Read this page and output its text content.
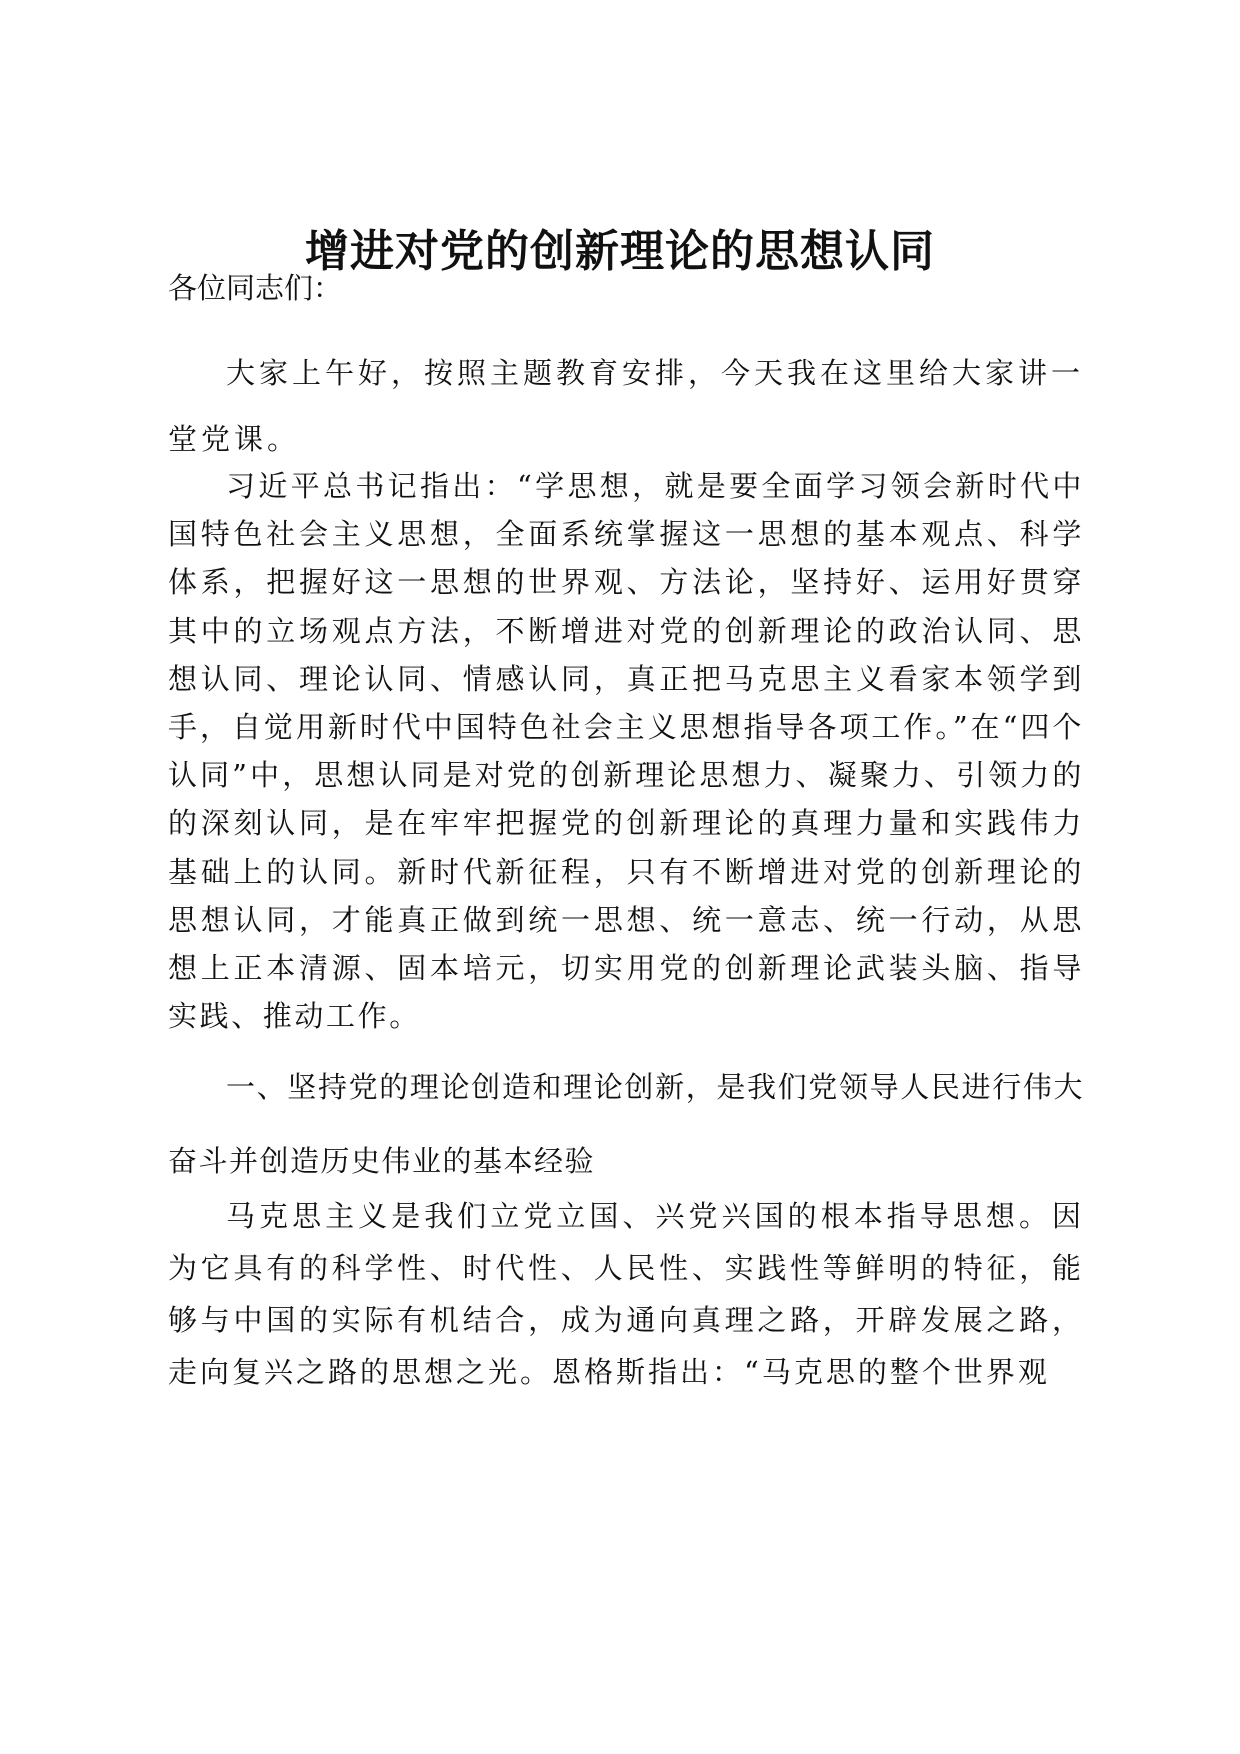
增进对党的创新理论的思想认同

各位同志们：

大家上午好，按照主题教育安排，今天我在这里给大家讲一堂党课。

习近平总书记指出：“学思想，就是要全面学习领会新时代中国特色社会主义思想，全面系统掌握这一思想的基本观点、科学体系，把握好这一思想的世界观、方法论，坚持好、运用好贯穿其中的立场观点方法，不断增进对党的创新理论的政治认同、思想认同、理论认同、情感认同，真正把马克思主义看家本领学到手，自觉用新时代中国特色社会主义思想指导各项工作。”在“四个认同”中，思想认同是对党的创新理论思想力、凝聚力、引领力的的深刻认同，是在牢牢把握党的创新理论的真理力量和实践伟力基础上的认同。新时代新征程，只有不断增进对党的创新理论的思想认同，才能真正做到统一思想、统一意志、统一行动，从思想上正本清源、固本培元，切实用党的创新理论武装头脑、指导实践、推动工作。

一、坚持党的理论创造和理论创新，是我们党领导人民进行伟大奋斗并创造历史伟业的基本经验

马克思主义是我们立党立国、兴党兴国的根本指导思想。因为它具有的科学性、时代性、人民性、实践性等鲜明的特征，能够与中国的实际有机结合，成为通向真理之路，开辟发展之路，走向复兴之路的思想之光。恩格斯指出：“马克思的整个世界观
